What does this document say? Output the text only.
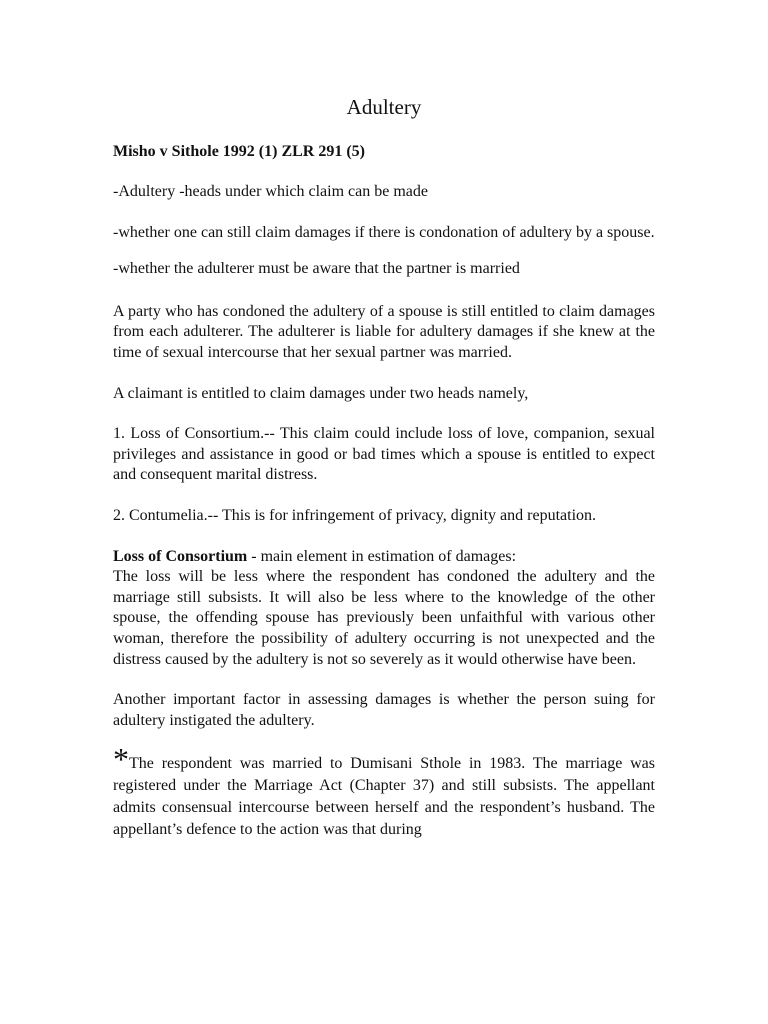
Adultery

Misho v Sithole 1992 (1) ZLR 291 (5)

-Adultery -heads under which claim can be made

-whether one can still claim damages if there is condonation of adultery by a spouse.

-whether the adulterer must be aware that the partner is married

A party who has condoned the adultery of a spouse is still entitled to claim damages from each adulterer. The adulterer is liable for adultery damages if she knew at the time of sexual intercourse that her sexual partner was married.

A claimant is entitled to claim damages under two heads namely,

1. Loss of Consortium.-- This claim could include loss of love, companion, sexual privileges and assistance in good or bad times which a spouse is entitled to expect and consequent marital distress.

2. Contumelia.-- This is for infringement of privacy, dignity and reputation.

Loss of Consortium - main element in estimation of damages:

The loss will be less where the respondent has condoned the adultery and the marriage still subsists. It will also be less where to the knowledge of the other spouse, the offending spouse has previously been unfaithful with various other woman, therefore the possibility of adultery occurring is not unexpected and the distress caused by the adultery is not so severely as it would otherwise have been.

Another important factor in assessing damages is whether the person suing for adultery instigated the adultery.

*The respondent was married to Dumisani Sthole in 1983. The marriage was registered under the Marriage Act (Chapter 37) and still subsists. The appellant admits consensual intercourse between herself and the respondent’s husband. The appellant’s defence to the action was that during
